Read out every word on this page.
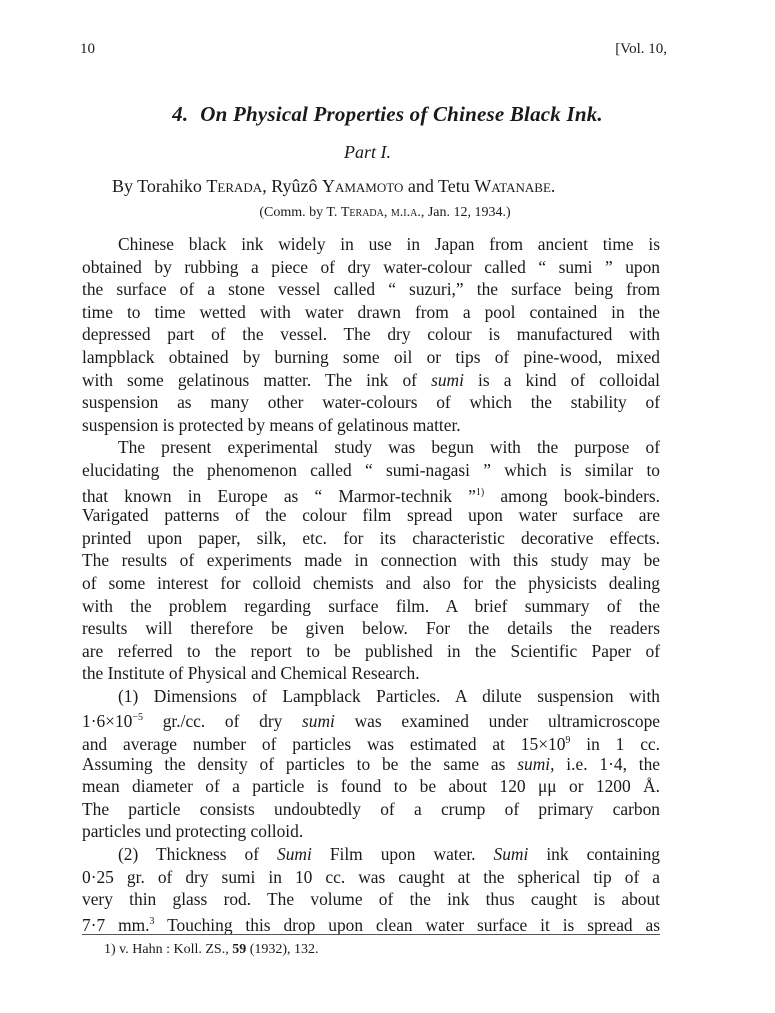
10	[Vol. 10,
4. On Physical Properties of Chinese Black Ink.
Part I.
By Torahiko Terada, Ryûzô Yamamoto and Tetu Watanabe.
(Comm. by T. Terada, m.i.a., Jan. 12, 1934.)
Chinese black ink widely in use in Japan from ancient time is
obtained by rubbing a piece of dry water-colour called “ sumi ” upon
the surface of a stone vessel called “ suzuri,” the surface being from
time to time wetted with water drawn from a pool contained in the
depressed part of the vessel. The dry colour is manufactured with
lampblack obtained by burning some oil or tips of pine-wood, mixed
with some gelatinous matter. The ink of sumi is a kind of colloidal
suspension as many other water-colours of which the stability of
suspension is protected by means of gelatinous matter.
The present experimental study was begun with the purpose of
elucidating the phenomenon called “ sumi-nagasi ” which is similar to
that known in Europe as “ Marmor-technik ”$^{1)}$ among book-binders.
Varigated patterns of the colour film spread upon water surface are
printed upon paper, silk, etc. for its characteristic decorative effects.
The results of experiments made in connection with this study may be
of some interest for colloid chemists and also for the physicists dealing
with the problem regarding surface film. A brief summary of the
results will therefore be given below. For the details the readers
are referred to the report to be published in the Scientific Paper of
the Institute of Physical and Chemical Research.
(1) Dimensions of Lampblack Particles. A dilute suspension with
$1\cdot 6\times 10^{-5}$ gr./cc. of dry sumi was examined under ultramicroscope
and average number of particles was estimated at $15\times 10^9$ in 1 cc.
Assuming the density of particles to be the same as sumi, i.e. 1·4, the
mean diameter of a particle is found to be about 120 μμ or 1200 Å.
The particle consists undoubtedly of a crump of primary carbon
particles und protecting colloid.
(2) Thickness of Sumi Film upon water. Sumi ink containing
0·25 gr. of dry sumi in 10 cc. was caught at the spherical tip of a
very thin glass rod. The volume of the ink thus caught is about
7·7 mm.$^3$ Touching this drop upon clean water surface it is spread as
1) v. Hahn : Koll. ZS., 59 (1932), 132.
